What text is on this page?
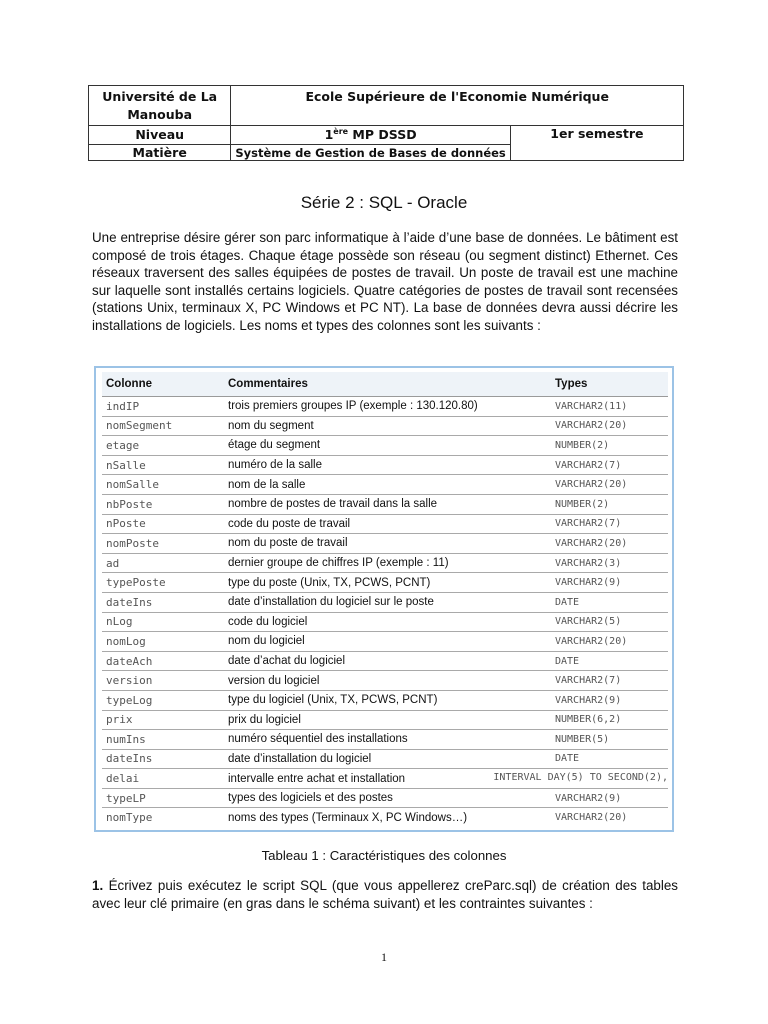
Université de La Manouba	Ecole Supérieure de l'Economie Numérique	
Niveau	1ère MP DSSD	1er semestre
Matière	Système de Gestion de Bases de données	
Série 2 : SQL - Oracle

Une entreprise désire gérer son parc informatique à l’aide d’une base de données. Le bâtiment est composé de trois étages. Chaque étage possède son réseau (ou segment distinct) Ethernet. Ces réseaux traversent des salles équipées de postes de travail. Un poste de travail est une machine sur laquelle sont installés certains logiciels. Quatre catégories de postes de travail sont recensées (stations Unix, terminaux X, PC Windows et PC NT). La base de données devra aussi décrire les installations de logiciels. Les noms et types des colonnes sont les suivants :

Colonne	Commentaires	Types
indIP	trois premiers groupes IP (exemple : 130.120.80)	VARCHAR2(11)
nomSegment	nom du segment	VARCHAR2(20)
etage	étage du segment	NUMBER(2)
nSalle	numéro de la salle	VARCHAR2(7)
nomSalle	nom de la salle	VARCHAR2(20)
nbPoste	nombre de postes de travail dans la salle	NUMBER(2)
nPoste	code du poste de travail	VARCHAR2(7)
nomPoste	nom du poste de travail	VARCHAR2(20)
ad	dernier groupe de chiffres IP (exemple : 11)	VARCHAR2(3)
typePoste	type du poste (Unix, TX, PCWS, PCNT)	VARCHAR2(9)
dateIns	date d’installation du logiciel sur le poste	DATE
nLog	code du logiciel	VARCHAR2(5)
nomLog	nom du logiciel	VARCHAR2(20)
dateAch	date d’achat du logiciel	DATE
version	version du logiciel	VARCHAR2(7)
typeLog	type du logiciel (Unix, TX, PCWS, PCNT)	VARCHAR2(9)
prix	prix du logiciel	NUMBER(6,2)
numIns	numéro séquentiel des installations	NUMBER(5)
dateIns	date d’installation du logiciel	DATE
delai	intervalle entre achat et installation	INTERVAL DAY(5) TO SECOND(2),

typeLP	types des logiciels et des postes	VARCHAR2(9)
nomType	noms des types (Terminaux X, PC Windows…)	VARCHAR2(20)
Tableau 1 : Caractéristiques des colonnes

1. Écrivez puis exécutez le script SQL (que vous appellerez creParc.sql) de création des tables avec leur clé primaire (en gras dans le schéma suivant) et les contraintes suivantes :

1
